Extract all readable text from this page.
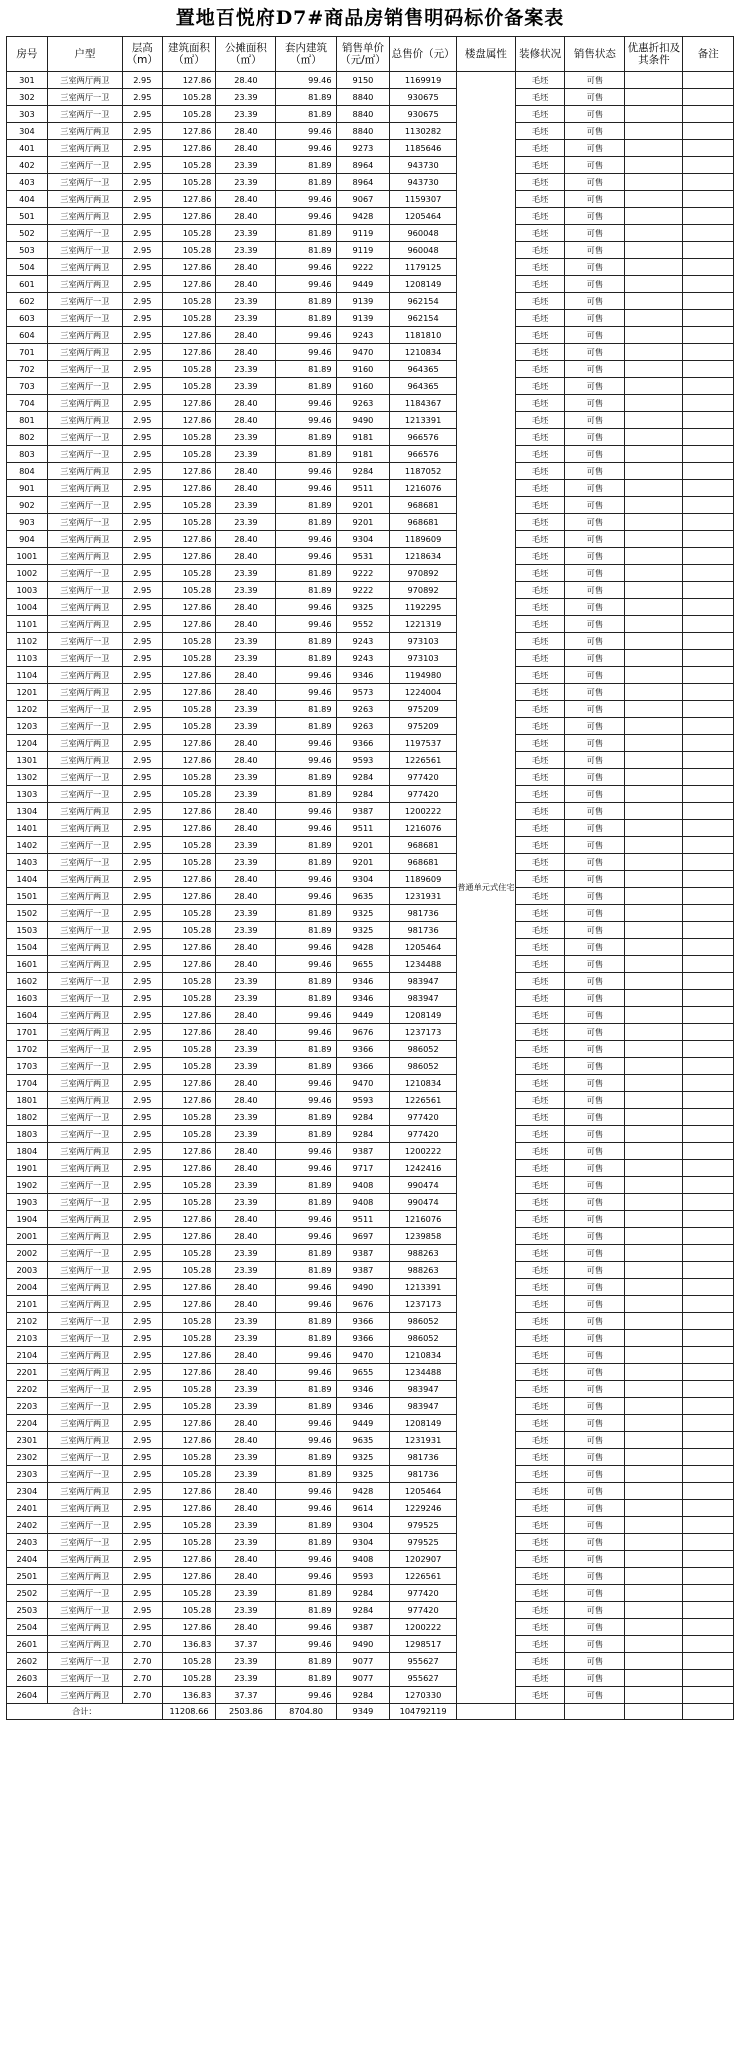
置地百悦府D7#商品房销售明码标价备案表
房号	户型	层高（m）	建筑面积（㎡）	公摊面积（㎡）	套内建筑（㎡）	销售单价（元/㎡）	总售价（元）	楼盘属性	装修状况	销售状态	优惠折扣及其条件	备注
301	三室两厅两卫	2.95	127.86	28.40	99.46	9150	1169919	普通单元式住宅	毛坯	可售		
302	三室两厅一卫	2.95	105.28	23.39	81.89	8840	930675		毛坯	可售		
303	三室两厅一卫	2.95	105.28	23.39	81.89	8840	930675		毛坯	可售		
304	三室两厅两卫	2.95	127.86	28.40	99.46	8840	1130282		毛坯	可售		
401	三室两厅两卫	2.95	127.86	28.40	99.46	9273	1185646		毛坯	可售		
402	三室两厅一卫	2.95	105.28	23.39	81.89	8964	943730		毛坯	可售		
403	三室两厅一卫	2.95	105.28	23.39	81.89	8964	943730		毛坯	可售		
404	三室两厅两卫	2.95	127.86	28.40	99.46	9067	1159307		毛坯	可售		
501	三室两厅两卫	2.95	127.86	28.40	99.46	9428	1205464		毛坯	可售		
502	三室两厅一卫	2.95	105.28	23.39	81.89	9119	960048		毛坯	可售		
503	三室两厅一卫	2.95	105.28	23.39	81.89	9119	960048		毛坯	可售		
504	三室两厅两卫	2.95	127.86	28.40	99.46	9222	1179125		毛坯	可售		
601	三室两厅两卫	2.95	127.86	28.40	99.46	9449	1208149		毛坯	可售		
602	三室两厅一卫	2.95	105.28	23.39	81.89	9139	962154		毛坯	可售		
603	三室两厅一卫	2.95	105.28	23.39	81.89	9139	962154		毛坯	可售		
604	三室两厅两卫	2.95	127.86	28.40	99.46	9243	1181810		毛坯	可售		
701	三室两厅两卫	2.95	127.86	28.40	99.46	9470	1210834		毛坯	可售		
702	三室两厅一卫	2.95	105.28	23.39	81.89	9160	964365		毛坯	可售		
703	三室两厅一卫	2.95	105.28	23.39	81.89	9160	964365		毛坯	可售		
704	三室两厅两卫	2.95	127.86	28.40	99.46	9263	1184367		毛坯	可售		
801	三室两厅两卫	2.95	127.86	28.40	99.46	9490	1213391		毛坯	可售		
802	三室两厅一卫	2.95	105.28	23.39	81.89	9181	966576		毛坯	可售		
803	三室两厅一卫	2.95	105.28	23.39	81.89	9181	966576		毛坯	可售		
804	三室两厅两卫	2.95	127.86	28.40	99.46	9284	1187052		毛坯	可售		
901	三室两厅两卫	2.95	127.86	28.40	99.46	9511	1216076		毛坯	可售		
902	三室两厅一卫	2.95	105.28	23.39	81.89	9201	968681		毛坯	可售		
903	三室两厅一卫	2.95	105.28	23.39	81.89	9201	968681		毛坯	可售		
904	三室两厅两卫	2.95	127.86	28.40	99.46	9304	1189609		毛坯	可售		
1001	三室两厅两卫	2.95	127.86	28.40	99.46	9531	1218634		毛坯	可售		
1002	三室两厅一卫	2.95	105.28	23.39	81.89	9222	970892		毛坯	可售		
1003	三室两厅一卫	2.95	105.28	23.39	81.89	9222	970892		毛坯	可售		
1004	三室两厅两卫	2.95	127.86	28.40	99.46	9325	1192295		毛坯	可售		
1101	三室两厅两卫	2.95	127.86	28.40	99.46	9552	1221319		毛坯	可售		
1102	三室两厅一卫	2.95	105.28	23.39	81.89	9243	973103		毛坯	可售		
1103	三室两厅一卫	2.95	105.28	23.39	81.89	9243	973103		毛坯	可售		
1104	三室两厅两卫	2.95	127.86	28.40	99.46	9346	1194980		毛坯	可售		
1201	三室两厅两卫	2.95	127.86	28.40	99.46	9573	1224004		毛坯	可售		
1202	三室两厅一卫	2.95	105.28	23.39	81.89	9263	975209		毛坯	可售		
1203	三室两厅一卫	2.95	105.28	23.39	81.89	9263	975209		毛坯	可售		
1204	三室两厅两卫	2.95	127.86	28.40	99.46	9366	1197537		毛坯	可售		
1301	三室两厅两卫	2.95	127.86	28.40	99.46	9593	1226561		毛坯	可售		
1302	三室两厅一卫	2.95	105.28	23.39	81.89	9284	977420		毛坯	可售		
1303	三室两厅一卫	2.95	105.28	23.39	81.89	9284	977420		毛坯	可售		
1304	三室两厅两卫	2.95	127.86	28.40	99.46	9387	1200222		毛坯	可售		
1401	三室两厅两卫	2.95	127.86	28.40	99.46	9511	1216076		毛坯	可售		
1402	三室两厅一卫	2.95	105.28	23.39	81.89	9201	968681		毛坯	可售		
1403	三室两厅一卫	2.95	105.28	23.39	81.89	9201	968681		毛坯	可售		
1404	三室两厅两卫	2.95	127.86	28.40	99.46	9304	1189609		毛坯	可售		
1501	三室两厅两卫	2.95	127.86	28.40	99.46	9635	1231931		毛坯	可售		
1502	三室两厅一卫	2.95	105.28	23.39	81.89	9325	981736		毛坯	可售		
1503	三室两厅一卫	2.95	105.28	23.39	81.89	9325	981736		毛坯	可售		
1504	三室两厅两卫	2.95	127.86	28.40	99.46	9428	1205464		毛坯	可售		
1601	三室两厅两卫	2.95	127.86	28.40	99.46	9655	1234488		毛坯	可售		
1602	三室两厅一卫	2.95	105.28	23.39	81.89	9346	983947		毛坯	可售		
1603	三室两厅一卫	2.95	105.28	23.39	81.89	9346	983947		毛坯	可售		
1604	三室两厅两卫	2.95	127.86	28.40	99.46	9449	1208149		毛坯	可售		
1701	三室两厅两卫	2.95	127.86	28.40	99.46	9676	1237173		毛坯	可售		
1702	三室两厅一卫	2.95	105.28	23.39	81.89	9366	986052		毛坯	可售		
1703	三室两厅一卫	2.95	105.28	23.39	81.89	9366	986052		毛坯	可售		
1704	三室两厅两卫	2.95	127.86	28.40	99.46	9470	1210834		毛坯	可售		
1801	三室两厅两卫	2.95	127.86	28.40	99.46	9593	1226561		毛坯	可售		
1802	三室两厅一卫	2.95	105.28	23.39	81.89	9284	977420		毛坯	可售		
1803	三室两厅一卫	2.95	105.28	23.39	81.89	9284	977420		毛坯	可售		
1804	三室两厅两卫	2.95	127.86	28.40	99.46	9387	1200222		毛坯	可售		
1901	三室两厅两卫	2.95	127.86	28.40	99.46	9717	1242416		毛坯	可售		
1902	三室两厅一卫	2.95	105.28	23.39	81.89	9408	990474		毛坯	可售		
1903	三室两厅一卫	2.95	105.28	23.39	81.89	9408	990474		毛坯	可售		
1904	三室两厅两卫	2.95	127.86	28.40	99.46	9511	1216076		毛坯	可售		
2001	三室两厅两卫	2.95	127.86	28.40	99.46	9697	1239858		毛坯	可售		
2002	三室两厅一卫	2.95	105.28	23.39	81.89	9387	988263		毛坯	可售		
2003	三室两厅一卫	2.95	105.28	23.39	81.89	9387	988263		毛坯	可售		
2004	三室两厅两卫	2.95	127.86	28.40	99.46	9490	1213391		毛坯	可售		
2101	三室两厅两卫	2.95	127.86	28.40	99.46	9676	1237173		毛坯	可售		
2102	三室两厅一卫	2.95	105.28	23.39	81.89	9366	986052		毛坯	可售		
2103	三室两厅一卫	2.95	105.28	23.39	81.89	9366	986052		毛坯	可售		
2104	三室两厅两卫	2.95	127.86	28.40	99.46	9470	1210834		毛坯	可售		
2201	三室两厅两卫	2.95	127.86	28.40	99.46	9655	1234488		毛坯	可售		
2202	三室两厅一卫	2.95	105.28	23.39	81.89	9346	983947		毛坯	可售		
2203	三室两厅一卫	2.95	105.28	23.39	81.89	9346	983947		毛坯	可售		
2204	三室两厅两卫	2.95	127.86	28.40	99.46	9449	1208149		毛坯	可售		
2301	三室两厅两卫	2.95	127.86	28.40	99.46	9635	1231931		毛坯	可售		
2302	三室两厅一卫	2.95	105.28	23.39	81.89	9325	981736		毛坯	可售		
2303	三室两厅一卫	2.95	105.28	23.39	81.89	9325	981736		毛坯	可售		
2304	三室两厅两卫	2.95	127.86	28.40	99.46	9428	1205464		毛坯	可售		
2401	三室两厅两卫	2.95	127.86	28.40	99.46	9614	1229246		毛坯	可售		
2402	三室两厅一卫	2.95	105.28	23.39	81.89	9304	979525		毛坯	可售		
2403	三室两厅一卫	2.95	105.28	23.39	81.89	9304	979525		毛坯	可售		
2404	三室两厅两卫	2.95	127.86	28.40	99.46	9408	1202907		毛坯	可售		
2501	三室两厅两卫	2.95	127.86	28.40	99.46	9593	1226561		毛坯	可售		
2502	三室两厅一卫	2.95	105.28	23.39	81.89	9284	977420		毛坯	可售		
2503	三室两厅一卫	2.95	105.28	23.39	81.89	9284	977420		毛坯	可售		
2504	三室两厅两卫	2.95	127.86	28.40	99.46	9387	1200222		毛坯	可售		
2601	三室两厅两卫	2.70	136.83	37.37	99.46	9490	1298517		毛坯	可售		
2602	三室两厅一卫	2.70	105.28	23.39	81.89	9077	955627		毛坯	可售		
2603	三室两厅一卫	2.70	105.28	23.39	81.89	9077	955627		毛坯	可售		
2604	三室两厅两卫	2.70	136.83	37.37	99.46	9284	1270330		毛坯	可售		
合计：			11208.66	2503.86	8704.80	9349	104792119					
